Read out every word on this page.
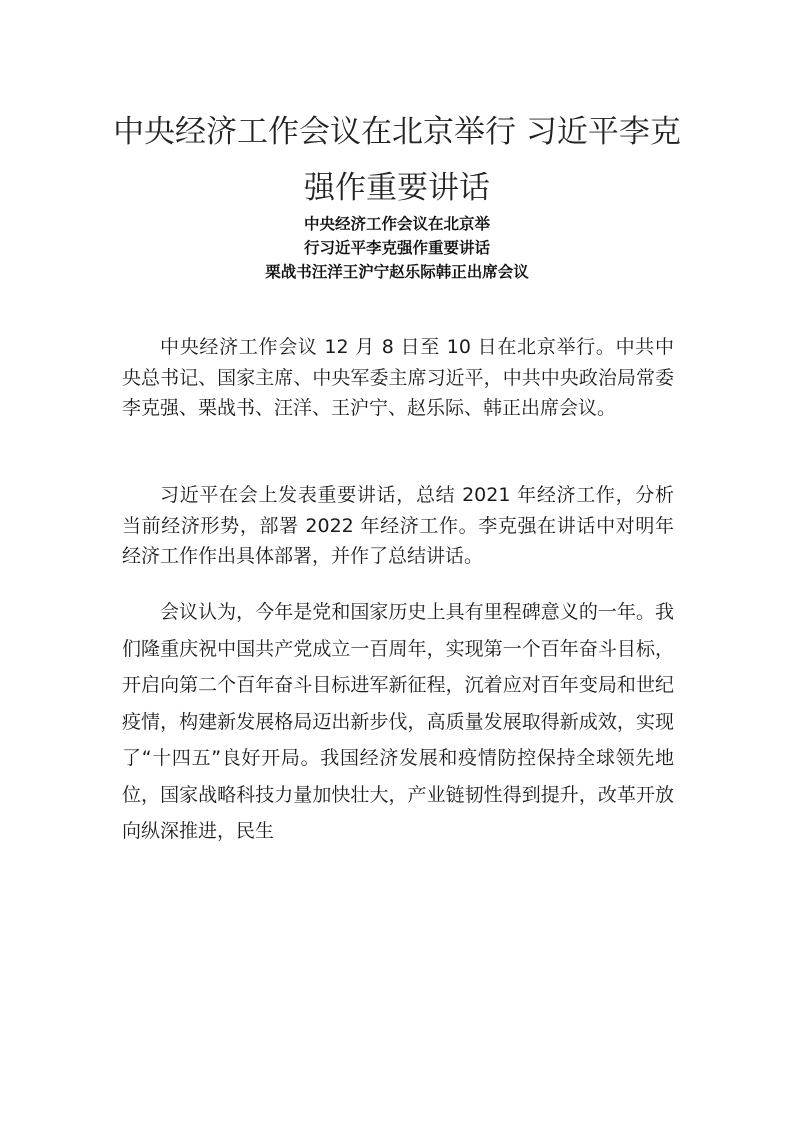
中央经济工作会议在北京举行 习近平李克强作重要讲话
中央经济工作会议在北京举
行习近平李克强作重要讲话
栗战书汪洋王沪宁赵乐际韩正出席会议

中央经济工作会议 12 月 8 日至 10 日在北京举行。中共中央总书记、国家主席、中央军委主席习近平，中共中央政治局常委李克强、栗战书、汪洋、王沪宁、赵乐际、韩正出席会议。

习近平在会上发表重要讲话，总结 2021 年经济工作，分析当前经济形势，部署 2022 年经济工作。李克强在讲话中对明年经济工作作出具体部署，并作了总结讲话。

会议认为，今年是党和国家历史上具有里程碑意义的一年。我们隆重庆祝中国共产党成立一百周年，实现第一个百年奋斗目标，开启向第二个百年奋斗目标进军新征程，沉着应对百年变局和世纪疫情，构建新发展格局迈出新步伐，高质量发展取得新成效，实现了“十四五”良好开局。我国经济发展和疫情防控保持全球领先地位，国家战略科技力量加快壮大，产业链韧性得到提升，改革开放向纵深推进，民生
